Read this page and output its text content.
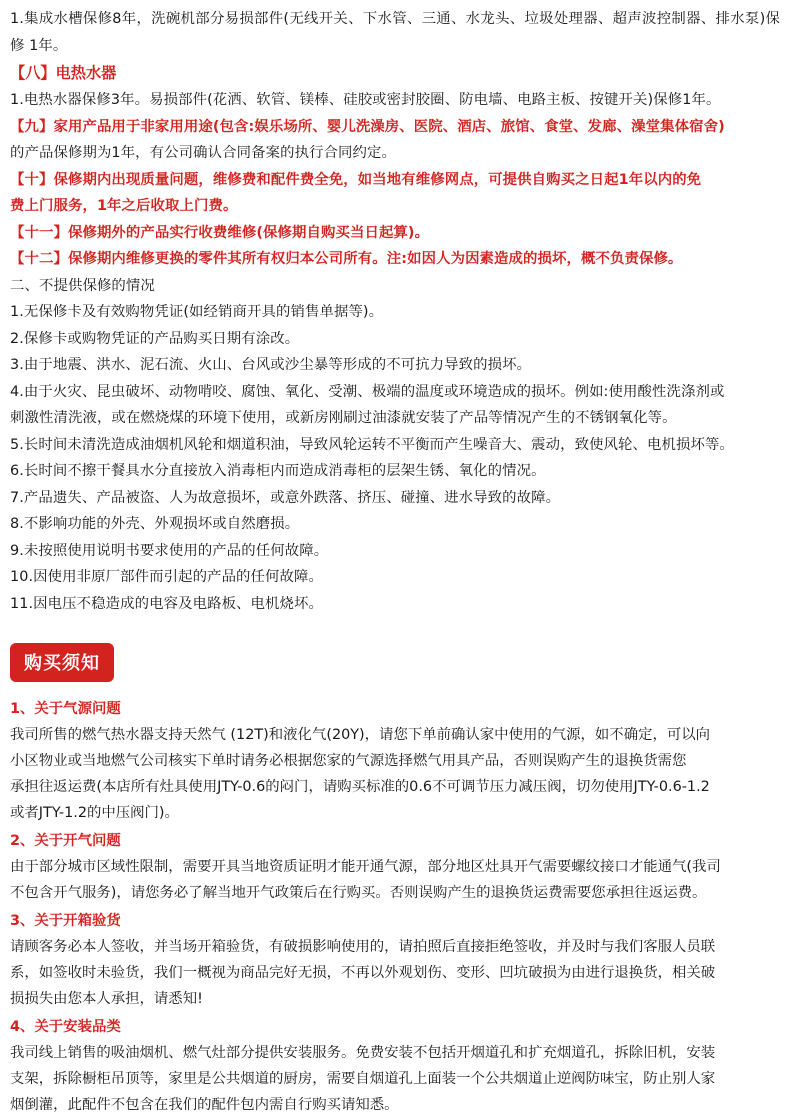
1.集成水槽保修8年，洗碗机部分易损部件(无线开关、下水管、三通、水龙头、垃圾处理器、超声波控制器、排水泵)保修 1年。
【八】电热水器
1.电热水器保修3年。易损部件(花洒、软管、镁棒、硅胶或密封胶圈、防电墙、电路主板、按键开关)保修1年。
【九】家用产品用于非家用用途(包含:娱乐场所、婴儿洗澡房、医院、酒店、旅馆、食堂、发廊、澡堂集体宿舍)
的产品保修期为1年，有公司确认合同备案的执行合同约定。
【十】保修期内出现质量问题，维修费和配件费全免，如当地有维修网点，可提供自购买之日起1年以内的免
费上门服务，1年之后收取上门费。
【十一】保修期外的产品实行收费维修(保修期自购买当日起算)。
【十二】保修期内维修更换的零件其所有权归本公司所有。注:如因人为因素造成的损坏，概不负责保修。
二、不提供保修的情况
1.无保修卡及有效购物凭证(如经销商开具的销售单据等)。
2.保修卡或购物凭证的产品购买日期有涂改。
3.由于地震、洪水、泥石流、火山、台风或沙尘暴等形成的不可抗力导致的损坏。
4.由于火灾、昆虫破坏、动物啃咬、腐蚀、氧化、受潮、极端的温度或环境造成的损坏。例如:使用酸性洗涤剂或
刺激性清洗液，或在燃烧煤的环境下使用，或新房刚刷过油漆就安装了产品等情况产生的不锈钢氧化等。
5.长时间未清洗造成油烟机风轮和烟道积油，导致风轮运转不平衡而产生噪音大、震动，致使风轮、电机损坏等。
6.长时间不擦干餐具水分直接放入消毒柜内而造成消毒柜的层架生锈、氧化的情况。
7.产品遗失、产品被盗、人为故意损坏，或意外跌落、挤压、碰撞、进水导致的故障。
8.不影响功能的外壳、外观损坏或自然磨损。
9.未按照使用说明书要求使用的产品的任何故障。
10.因使用非原厂部件而引起的产品的任何故障。
11.因电压不稳造成的电容及电路板、电机烧坏。
购买须知
1、关于气源问题
我司所售的燃气热水器支持天然气 (12T)和液化气(20Y)，请您下单前确认家中使用的气源，如不确定，可以向
小区物业或当地燃气公司核实下单时请务必根据您家的气源选择燃气用具产品，否则误购产生的退换货需您
承担往返运费(本店所有灶具使用JTY-0.6的闷门，请购买标准的0.6不可调节压力减压阀，切勿使用JTY-0.6-1.2
或者JTY-1.2的中压阀门)。
2、关于开气问题
由于部分城市区域性限制，需要开具当地资质证明才能开通气源，部分地区灶具开气需要螺纹接口才能通气(我司
不包含开气服务)，请您务必了解当地开气政策后在行购买。否则误购产生的退换货运费需要您承担往返运费。
3、关于开箱验货
请顾客务必本人签收，并当场开箱验货，有破损影响使用的，请拍照后直接拒绝签收，并及时与我们客服人员联
系，如签收时未验货，我们一概视为商品完好无损，不再以外观划伤、变形、凹坑破损为由进行退换货，相关破
损损失由您本人承担，请悉知!
4、关于安装品类
我司线上销售的吸油烟机、燃气灶部分提供安装服务。免费安装不包括开烟道孔和扩充烟道孔，拆除旧机，安装
支架，拆除橱柜吊顶等，家里是公共烟道的厨房，需要自烟道孔上面装一个公共烟道止逆阀防味宝，防止别人家
烟倒灌，此配件不包含在我们的配件包内需自行购买请知悉。
